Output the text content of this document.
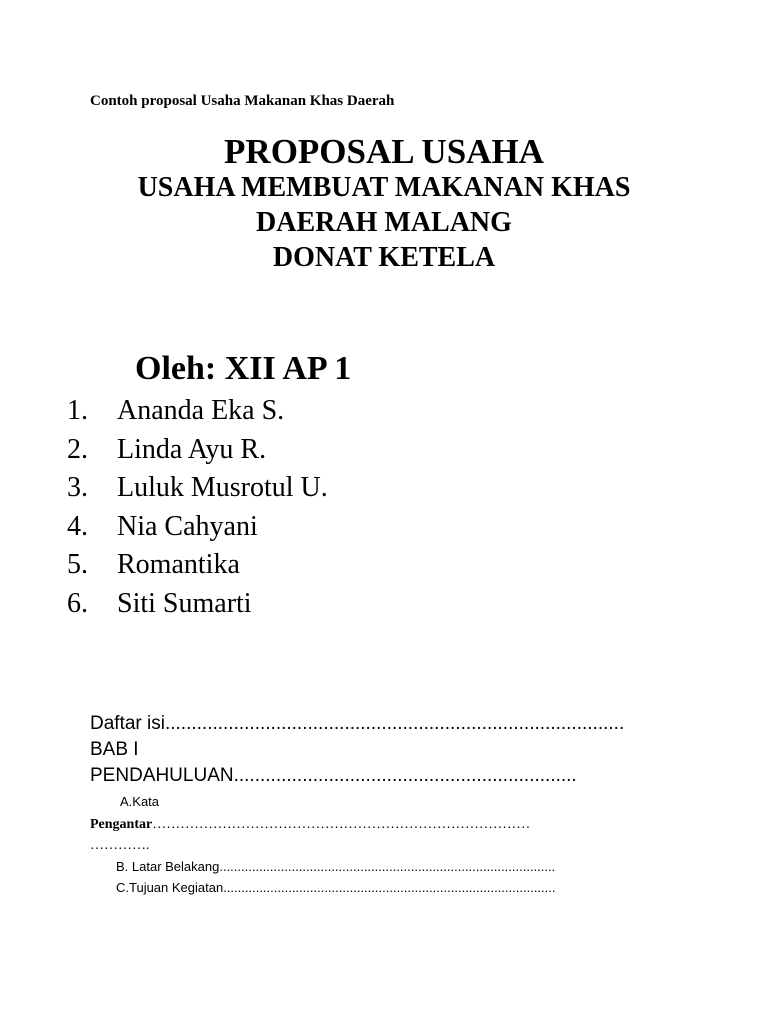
Contoh proposal Usaha Makanan Khas Daerah
PROPOSAL USAHA
USAHA MEMBUAT MAKANAN KHAS
DAERAH MALANG
DONAT KETELA
Oleh: XII AP 1
1. Ananda Eka S.
2. Linda Ayu R.
3. Luluk Musrotul U.
4. Nia Cahyani
5. Romantika
6. Siti Sumarti
Daftar isi.......................................................................................
BAB I
PENDAHULUAN.................................................................
A.Kata
Pengantar………………………………………………………………………
………….
B. Latar Belakang.............................................................................................
C.Tujuan Kegiatan............................................................................................
